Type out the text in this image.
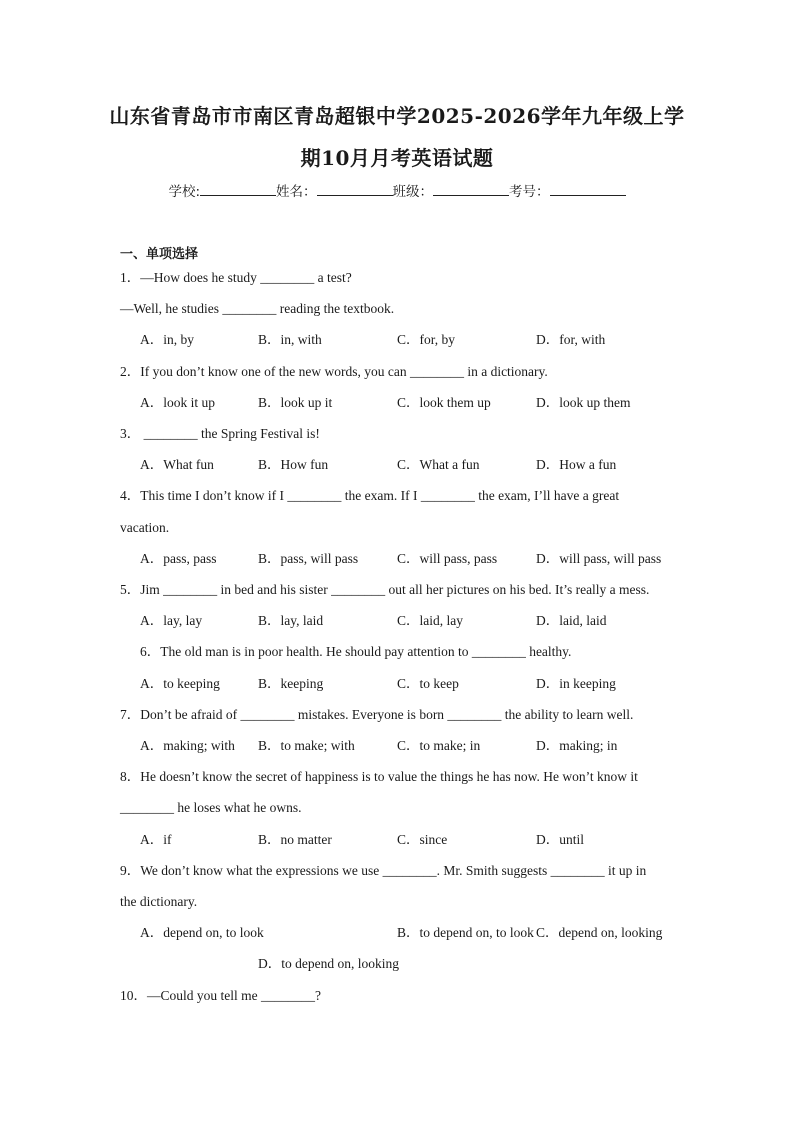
山东省青岛市市南区青岛超银中学2025-2026学年九年级上学
期10月月考英语试题
学校:	姓名：	班级：	考号：
一、单项选择
1．—How does he study ________ a test?
—Well, he studies ________ reading the textbook.
A．in, by	B．in, with	C．for, by	D．for, with
2．If you don’t know one of the new words, you can ________ in a dictionary.
A．look it up	B．look up it	C．look them up	D．look up them
3． ________ the Spring Festival is!
A．What fun	B．How fun	C．What a fun	D．How a fun
4．This time I don’t know if I ________ the exam. If I ________ the exam, I’ll have a great
vacation.
A．pass, pass	B．pass, will pass	C．will pass, pass	D．will pass, will pass
5．Jim ________ in bed and his sister ________ out all her pictures on his bed. It’s really a mess.
A．lay, lay	B．lay, laid	C．laid, lay	D．laid, laid
6．The old man is in poor health. He should pay attention to ________ healthy.
A．to keeping	B．keeping	C．to keep	D．in keeping
7．Don’t be afraid of ________ mistakes. Everyone is born ________ the ability to learn well.
A．making; with B．to make; with	C．to make; in	D．making; in
8．He doesn’t know the secret of happiness is to value the things he has now. He won’t know it
________ he loses what he owns.
A．if	B．no matter	C．since	D．until
9．We don’t know what the expressions we use ________. Mr. Smith suggests ________ it up in
the dictionary.
A．depend on, to look	B．to depend on, to look C．depend on, looking
D．to depend on, looking
10．—Could you tell me ________?
